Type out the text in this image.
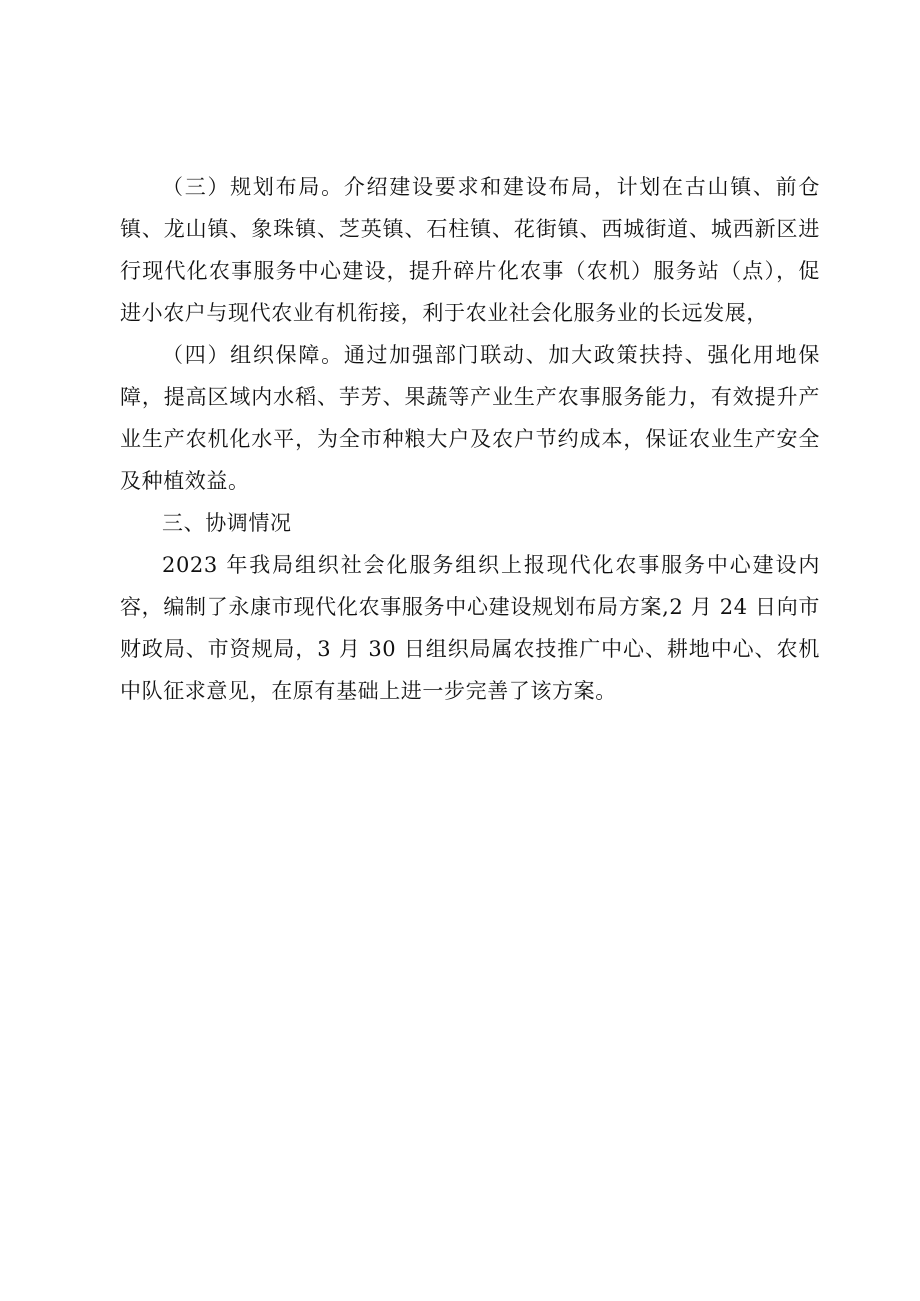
（三）规划布局。介绍建设要求和建设布局，计划在古山镇、前仓镇、龙山镇、象珠镇、芝英镇、石柱镇、花街镇、西城街道、城西新区进行现代化农事服务中心建设，提升碎片化农事（农机）服务站（点），促进小农户与现代农业有机衔接，利于农业社会化服务业的长远发展，

（四）组织保障。通过加强部门联动、加大政策扶持、强化用地保障，提高区域内水稻、芋芳、果蔬等产业生产农事服务能力，有效提升产业生产农机化水平，为全市种粮大户及农户节约成本，保证农业生产安全及种植效益。

三、协调情况

2023 年我局组织社会化服务组织上报现代化农事服务中心建设内容，编制了永康市现代化农事服务中心建设规划布局方案,2 月 24 日向市财政局、市资规局，3 月 30 日组织局属农技推广中心、耕地中心、农机中队征求意见，在原有基础上进一步完善了该方案。
